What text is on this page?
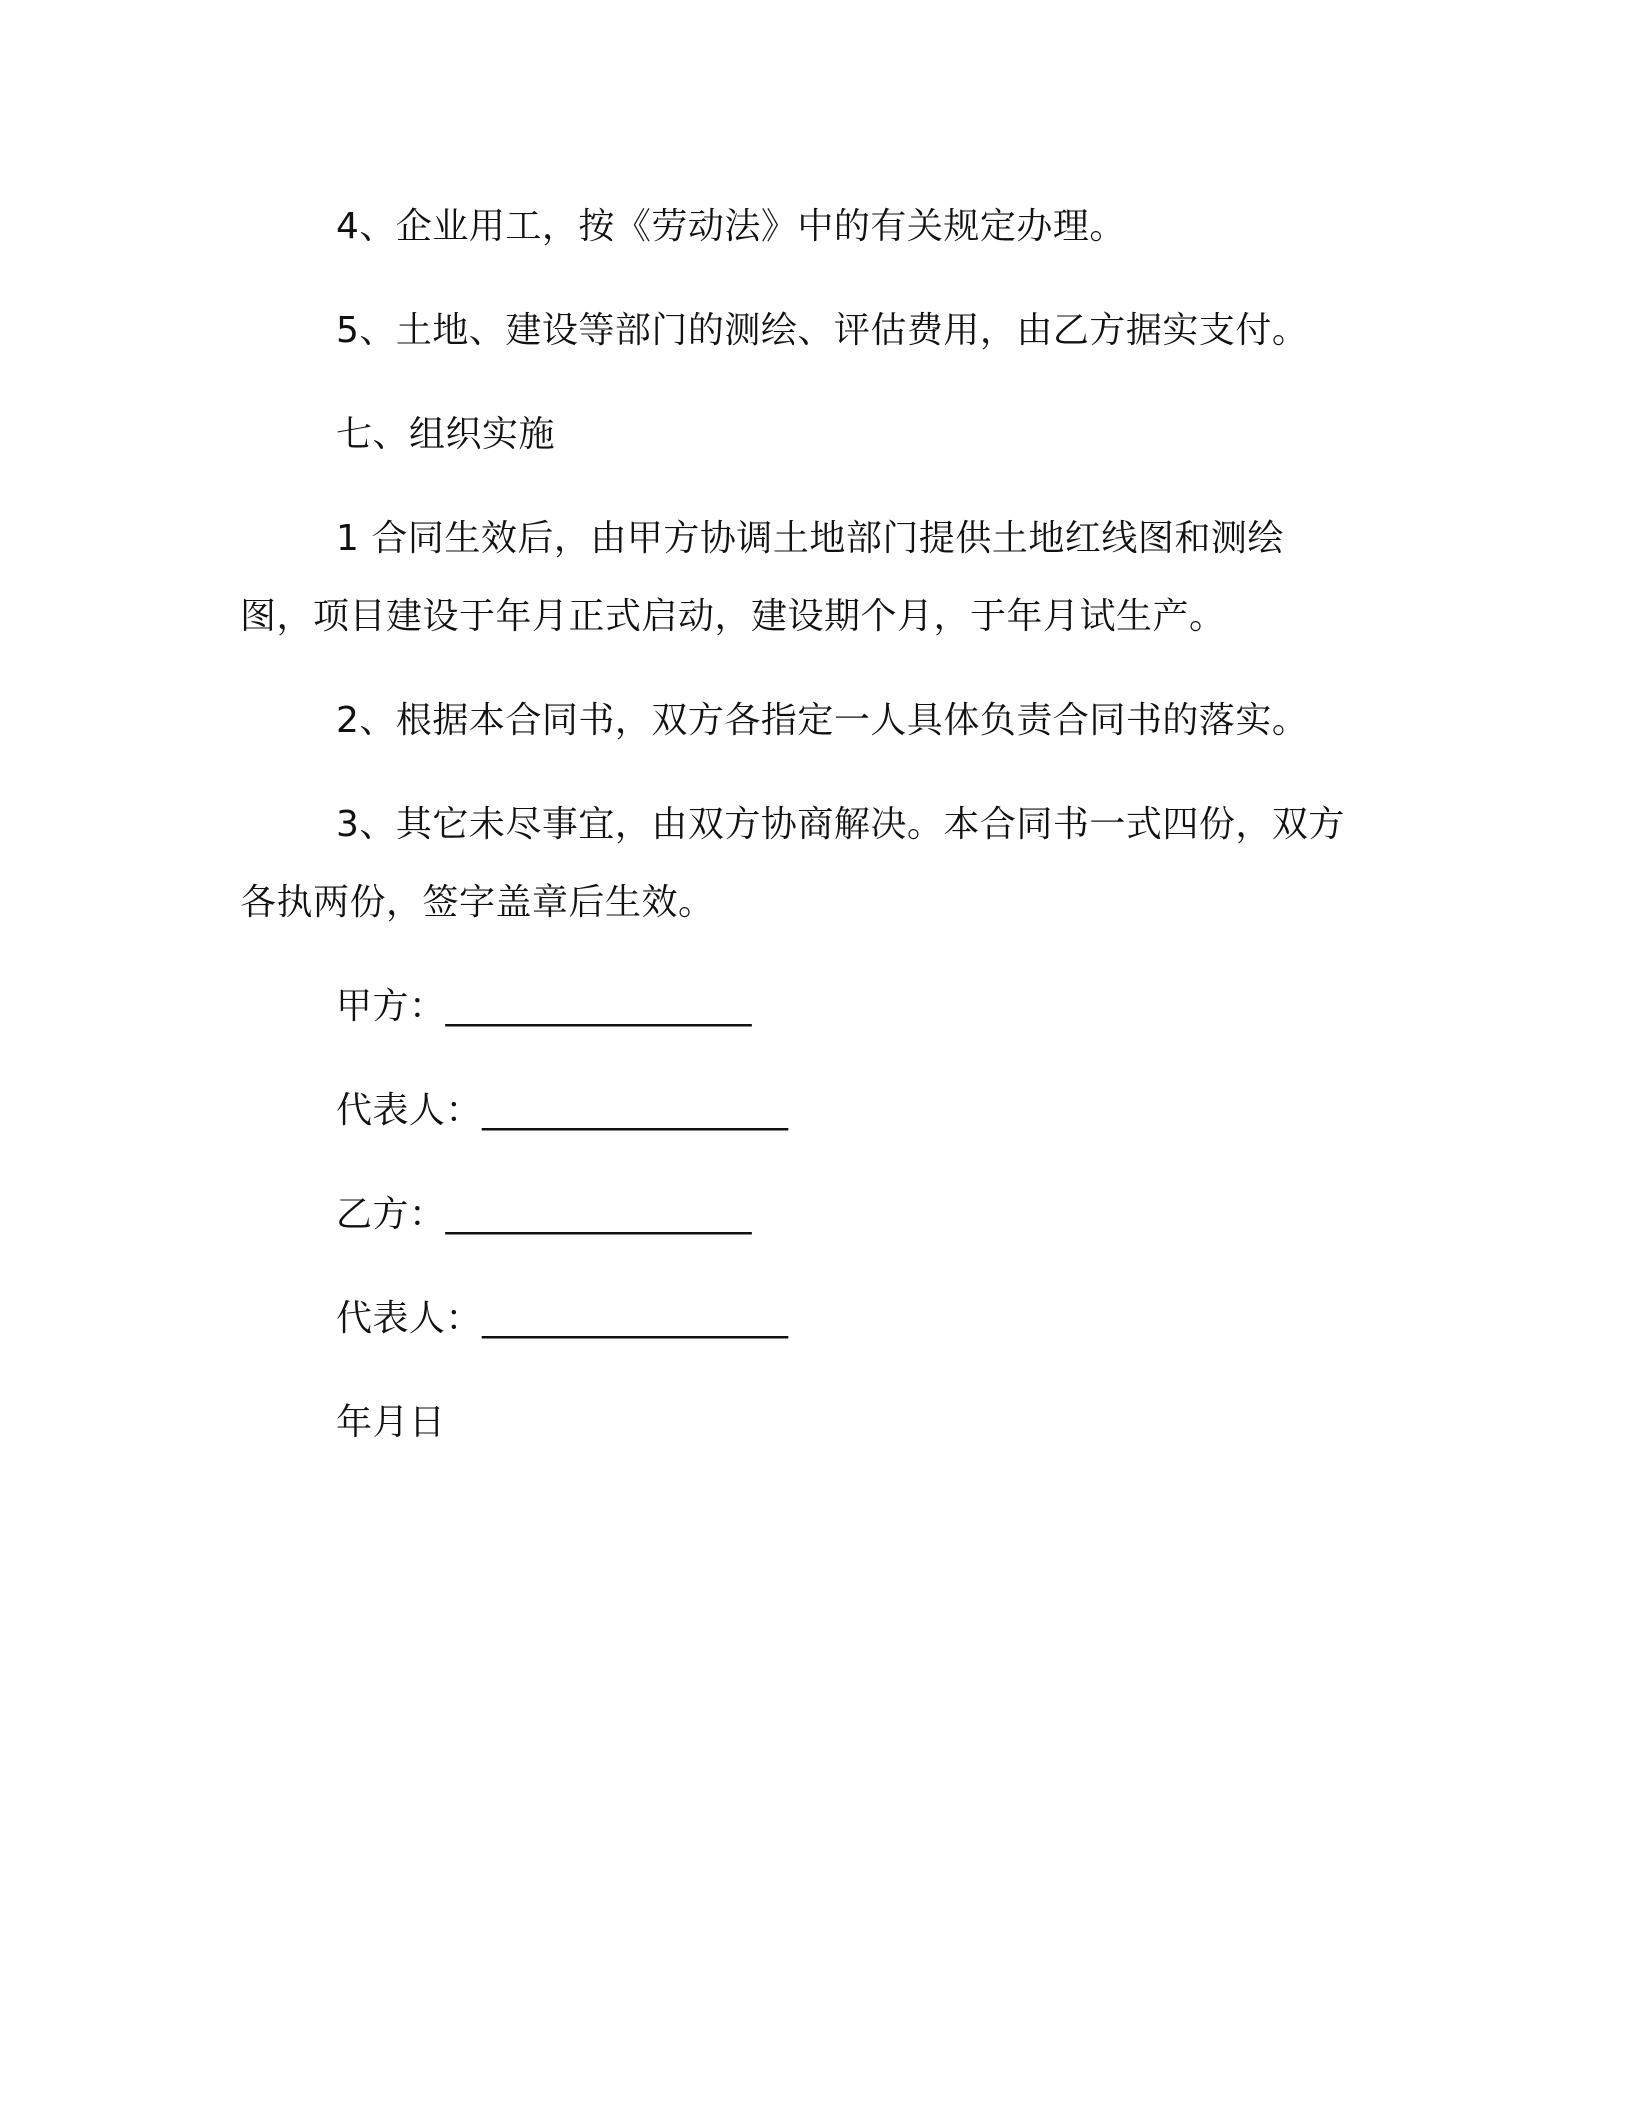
4、企业用工，按《劳动法》中的有关规定办理。

5、土地、建设等部门的测绘、评估费用，由乙方据实支付。

七、组织实施

1 合同生效后，由甲方协调土地部门提供土地红线图和测绘图，项目建设于年月正式启动，建设期个月，于年月试生产。

2、根据本合同书，双方各指定一人具体负责合同书的落实。

3、其它未尽事宜，由双方协商解决。本合同书一式四份，双方各执两份，签字盖章后生效。

甲方：_________________
代表人：_________________
乙方：_________________
代表人：_________________
年月日
